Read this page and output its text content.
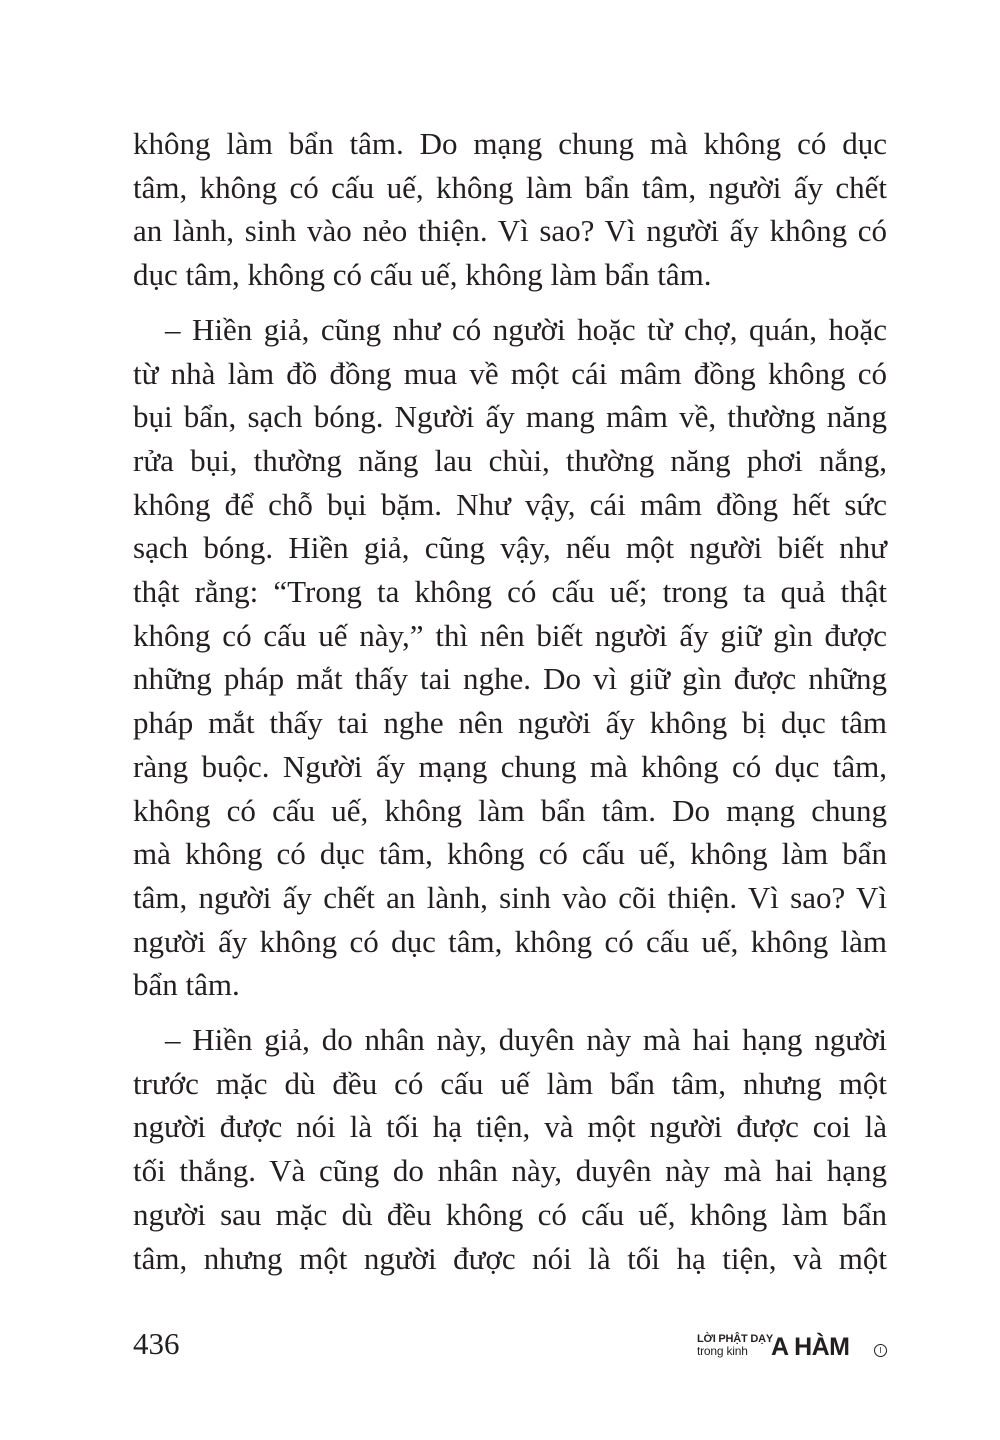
không làm bẩn tâm. Do mạng chung mà không có dục
tâm, không có cấu uế, không làm bẩn tâm, người ấy chết
an lành, sinh vào nẻo thiện. Vì sao? Vì người ấy không có
dục tâm, không có cấu uế, không làm bẩn tâm.

– Hiền giả, cũng như có người hoặc từ chợ, quán, hoặc
từ nhà làm đồ đồng mua về một cái mâm đồng không có
bụi bẩn, sạch bóng. Người ấy mang mâm về, thường năng
rửa bụi, thường năng lau chùi, thường năng phơi nắng,
không để chỗ bụi bặm. Như vậy, cái mâm đồng hết sức
sạch bóng. Hiền giả, cũng vậy, nếu một người biết như
thật rằng: “Trong ta không có cấu uế; trong ta quả thật
không có cấu uế này,” thì nên biết người ấy giữ gìn được
những pháp mắt thấy tai nghe. Do vì giữ gìn được những
pháp mắt thấy tai nghe nên người ấy không bị dục tâm
ràng buộc. Người ấy mạng chung mà không có dục tâm,
không có cấu uế, không làm bẩn tâm. Do mạng chung
mà không có dục tâm, không có cấu uế, không làm bẩn
tâm, người ấy chết an lành, sinh vào cõi thiện. Vì sao? Vì
người ấy không có dục tâm, không có cấu uế, không làm
bẩn tâm.

– Hiền giả, do nhân này, duyên này mà hai hạng người
trước mặc dù đều có cấu uế làm bẩn tâm, nhưng một
người được nói là tối hạ tiện, và một người được coi là
tối thắng. Và cũng do nhân này, duyên này mà hai hạng
người sau mặc dù đều không có cấu uế, không làm bẩn
tâm, nhưng một người được nói là tối hạ tiện, và một

436	LỜI PHẬT DẠY
trong kinh A HÀM	I
